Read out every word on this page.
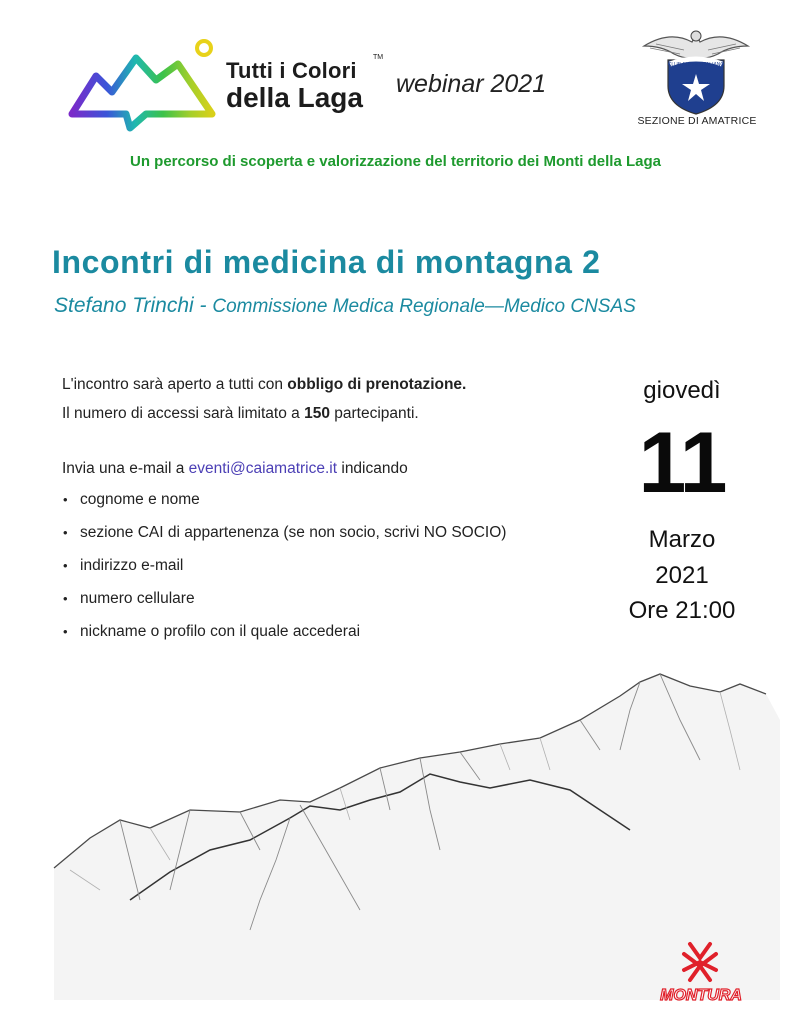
Tutti i Colori
della Laga
TM
webinar 2021
CLUB ALPINO ITALIANO
SEZIONE DI AMATRICE
Un percorso di scoperta e valorizzazione del territorio dei Monti della Laga
Incontri di medicina di montagna 2
Stefano Trinchi - Commissione Medica Regionale—Medico CNSAS
L'incontro sarà aperto a tutti con obbligo di prenotazione.
Il numero di accessi sarà limitato a 150 partecipanti.
Invia una e-mail a eventi@caiamatrice.it indicando
• cognome e nome
• sezione CAI di appartenenza (se non socio, scrivi NO SOCIO)
• indirizzo e-mail
• numero cellulare
• nickname o profilo con il quale accederai
giovedì
11
Marzo
2021
Ore 21:00
MONTURA
